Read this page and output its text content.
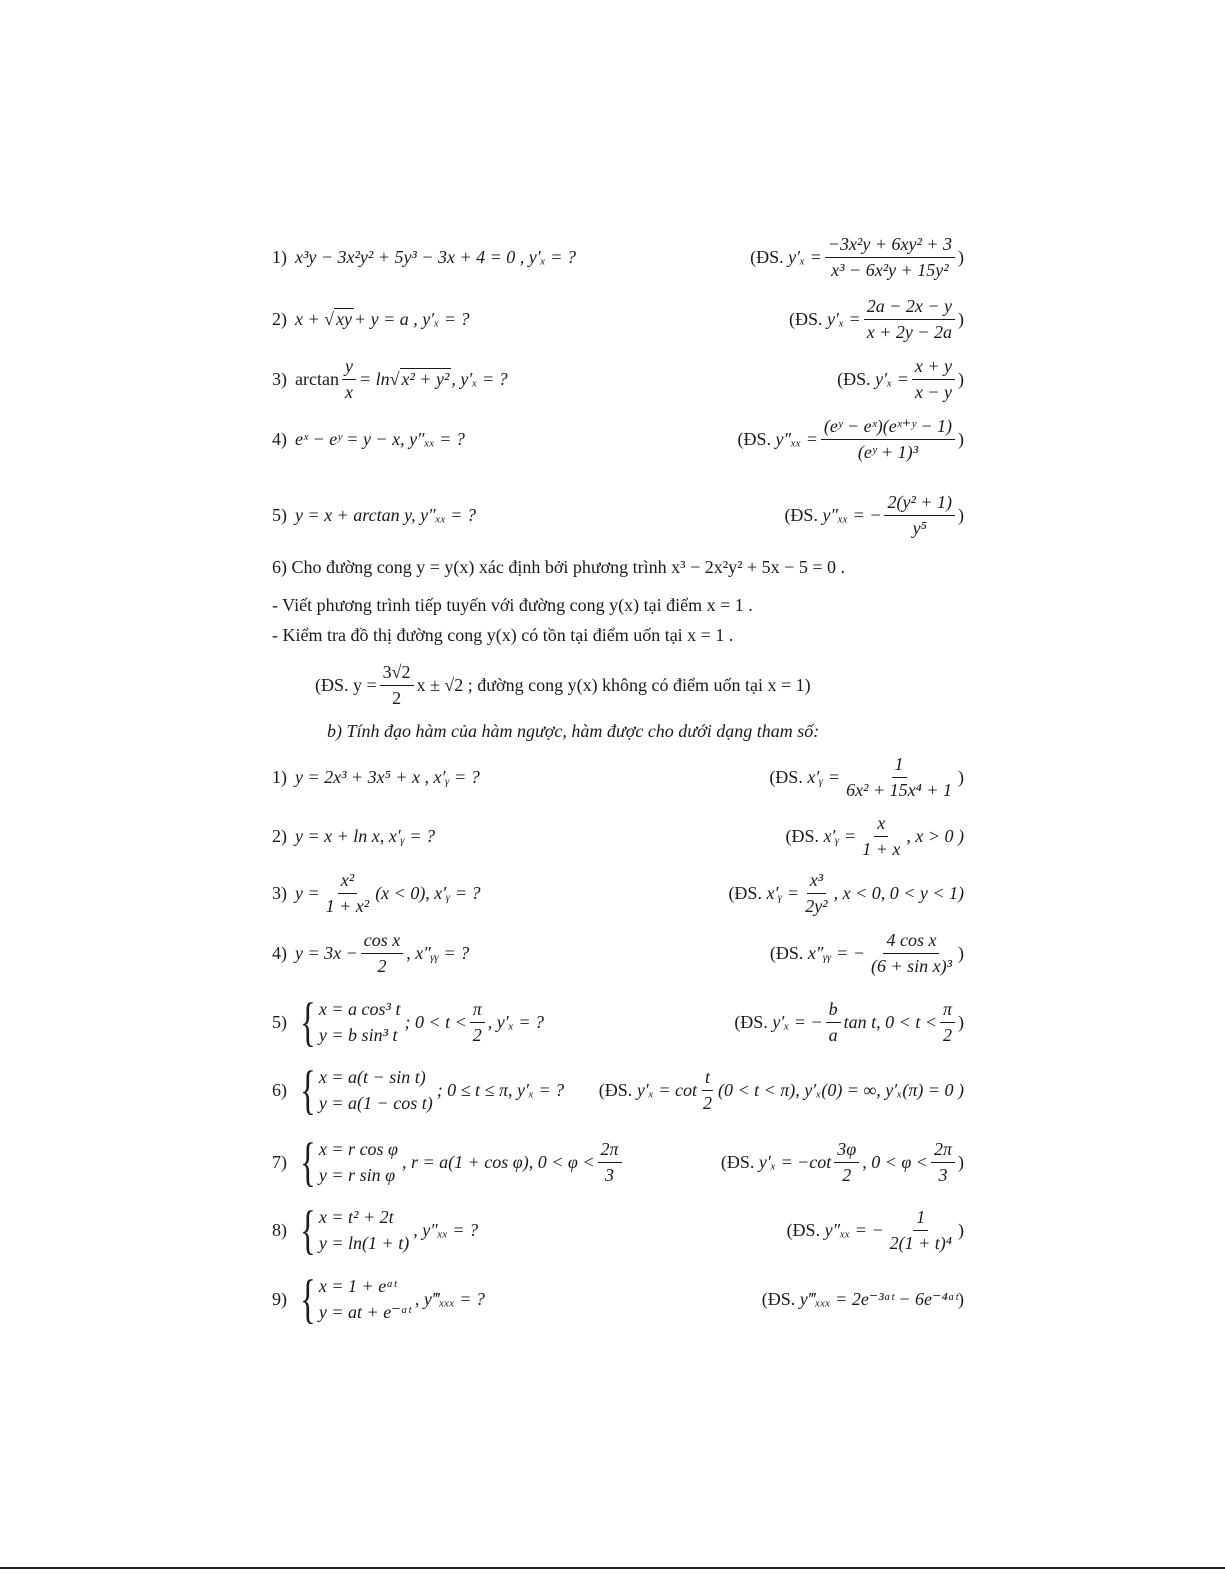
1) x³y − 3x²y² + 5y³ − 3x + 4 = 0 , y′ₓ = ?	(ĐS.
$y'_x = \frac{\text{−3x²y + 6xy² + 3}}{\text{x³ − 6x²y + 15y²}}$ )
2) x + √ xy + y = a , y′ₓ = ?	(ĐS.
$y'_x = \frac{2a - 2x - y}{x + 2y - 2a}$ )
3) $\arctan \frac{y}{x} = \ln√$ x² + y² , y′ₓ = ?	(ĐS.
$y'_x = \frac{x + y}{x - y}$ )
4) eˣ − eʸ = y − x, y″ₓₓ = ?	(ĐS.
$y''_{xx} = \frac{\text{(eʸ − eˣ)(eˣ⁺ʸ − 1)}}{\text{(eʸ + 1)³}}$ )
5) y = x + arctan y, y″ₓₓ = ?	(ĐS.
y″ₓₓ = − $\frac{\text{2(y² + 1)}}{\text{y⁵}}$ )
6) Cho đường cong y = y(x) xác định bởi phương trình x³ − 2x²y² + 5x − 5 = 0 .
- Viết phương trình tiếp tuyến với đường cong y(x) tại điểm x = 1 .
- Kiểm tra đồ thị đường cong y(x) có tồn tại điểm uốn tại x = 1 .
(ĐS. $y = \frac{3√2}{2}$ x ± √2 ; đường cong y(x) không có điểm uốn tại x = 1)
b) Tính đạo hàm của hàm ngược, hàm được cho dưới dạng tham số:
1) y = 2x³ + 3x⁵ + x , x′ᵧ = ?	(ĐS.
x′ᵧ = $\frac{1}{\text{6x² + 15x⁴ + 1}}$ )
2) y = x + ln x, x′ᵧ = ?	(ĐS.
x′ᵧ = $\frac{x}{1 + x}$ , x > 0 )
3) $y = \frac{\text{x²}}{\text{1 + x²}} (x < 0)$, x′ᵧ = ?	(ĐS.
x′ᵧ = $\frac{\text{x³}}{\text{2y²}}$ , x < 0, 0 < y < 1)
4) $y = 3x - \frac{\text{cos x}}{2}$ , x″ᵧᵧ = ?	(ĐS.
x″ᵧᵧ = − $\frac{\text{4 cos x}}{\text{(6 + sin x)³}}$ )
5) { x = a cos³ t
y = b sin³ t
; $0 < t < \frac{\pi}{2}$ , y′ₓ = ?	(ĐS.
y′ₓ = − $\frac{b}{a}$ tan t, $0 < t < \frac{\pi}{2}$ )
6) { x = a(t − sin t)
y = a(1 − cos t)
; 0 ≤ t ≤ π, y′ₓ = ? (ĐS.
$y'_x = \cot \frac{t}{2} (0 < t < \pi)$, y′ₓ(0) = ∞, y′ₓ(π) = 0 )
7) { x = r cos φ
y = r sin φ
, r = a(1 + cos φ), $0 < \varphi < \frac{2\pi}{3}$	(ĐS.
$y'_x = -\cot \frac{3\varphi}{2}$ , $0 < \varphi < \frac{2\pi}{3}$ )
8) { x = t² + 2t
y = ln(1 + t)
, y″ₓₓ = ?	(ĐS.
y″ₓₓ = − $\frac{1}{\text{2(1 + t)⁴}}$ )
9) { x = 1 + eᵃᵗ
y = at + e⁻ᵃᵗ
, y‴ₓₓₓ = ?	(ĐS.
y‴ₓₓₓ = 2e⁻³ᵃᵗ − 6e⁻⁴ᵃᵗ )
